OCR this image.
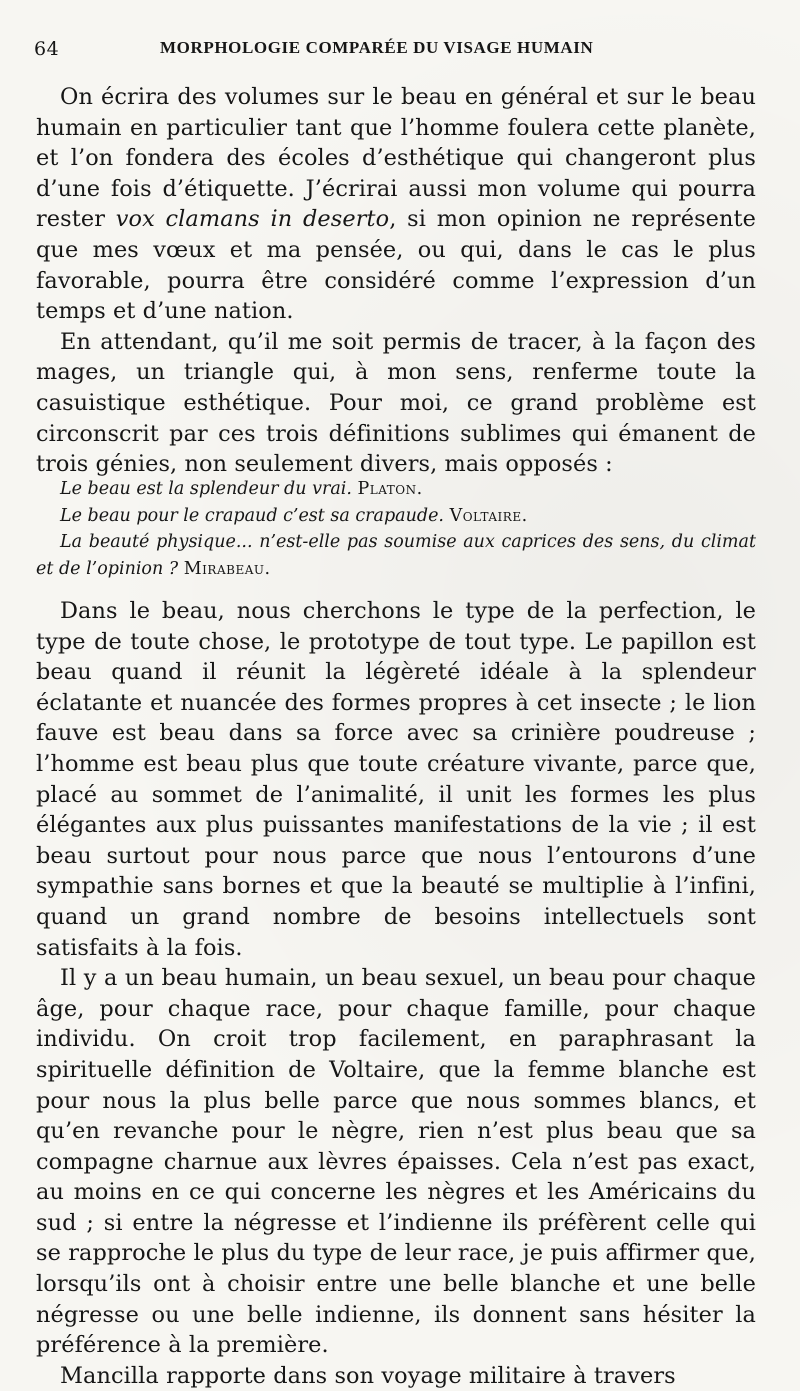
64	MORPHOLOGIE COMPARÉE DU VISAGE HUMAIN

On écrira des volumes sur le beau en général et sur le beau humain en particulier tant que l’homme foulera cette planète, et l’on fondera des écoles d’esthétique qui changeront plus d’une fois d’étiquette. J’écrirai aussi mon volume qui pourra rester vox clamans in deserto, si mon opinion ne représente que mes vœux et ma pensée, ou qui, dans le cas le plus favorable, pourra être considéré comme l’expression d’un temps et d’une nation.

En attendant, qu’il me soit permis de tracer, à la façon des mages, un triangle qui, à mon sens, renferme toute la casuistique esthétique. Pour moi, ce grand problème est circonscrit par ces trois définitions sublimes qui émanent de trois génies, non seulement divers, mais opposés :

Le beau est la splendeur du vrai. Platon.

Le beau pour le crapaud c’est sa crapaude. Voltaire.

La beauté physique... n’est-elle pas soumise aux caprices des sens, du climat et de l’opinion ? Mirabeau.

Dans le beau, nous cherchons le type de la perfection, le type de toute chose, le prototype de tout type. Le papillon est beau quand il réunit la légèreté idéale à la splendeur éclatante et nuancée des formes propres à cet insecte ; le lion fauve est beau dans sa force avec sa crinière poudreuse ; l’homme est beau plus que toute créature vivante, parce que, placé au sommet de l’animalité, il unit les formes les plus élégantes aux plus puissantes manifestations de la vie ; il est beau surtout pour nous parce que nous l’entourons d’une sympathie sans bornes et que la beauté se multiplie à l’infini, quand un grand nombre de besoins intellectuels sont satisfaits à la fois.

Il y a un beau humain, un beau sexuel, un beau pour chaque âge, pour chaque race, pour chaque famille, pour chaque individu. On croit trop facilement, en paraphrasant la spirituelle définition de Voltaire, que la femme blanche est pour nous la plus belle parce que nous sommes blancs, et qu’en revanche pour le nègre, rien n’est plus beau que sa compagne charnue aux lèvres épaisses. Cela n’est pas exact, au moins en ce qui concerne les nègres et les Américains du sud ; si entre la négresse et l’indienne ils préfèrent celle qui se rapproche le plus du type de leur race, je puis affirmer que, lorsqu’ils ont à choisir entre une belle blanche et une belle négresse ou une belle indienne, ils donnent sans hésiter la préférence à la première.

Mancilla rapporte dans son voyage militaire à travers
